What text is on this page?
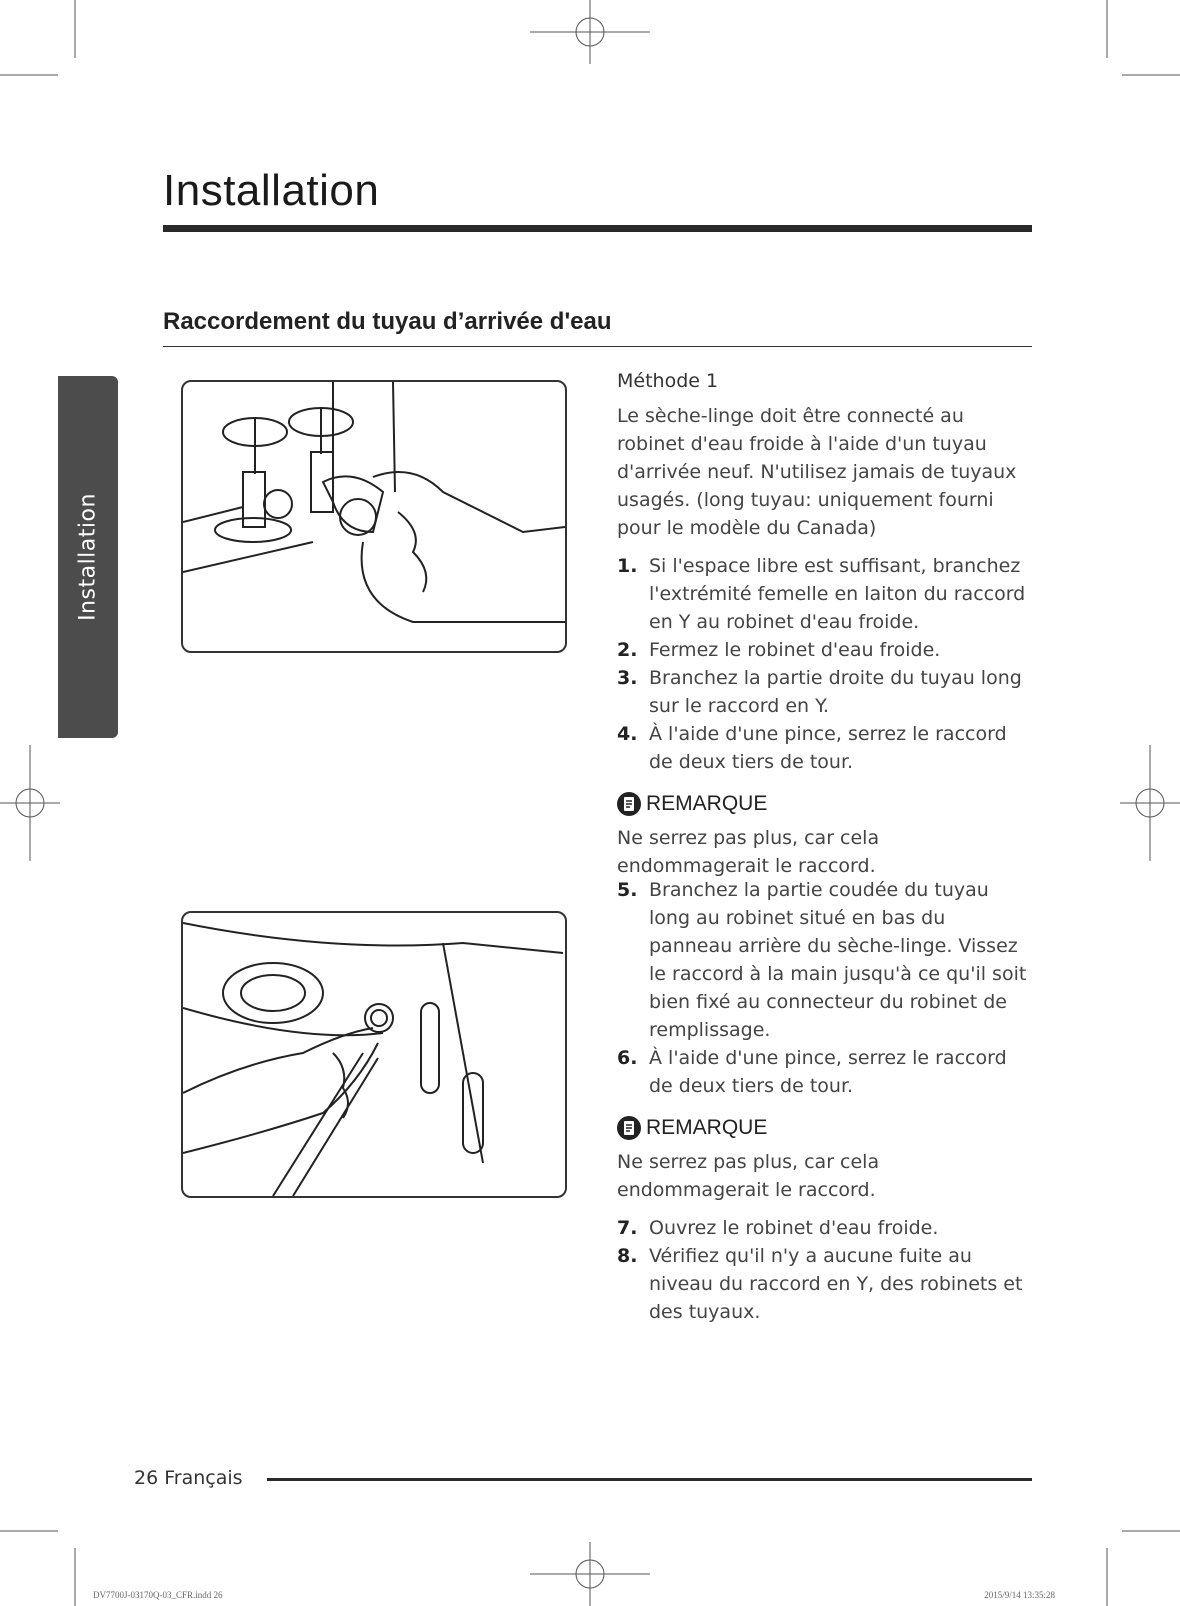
Installation
Raccordement du tuyau d’arrivée d'eau
Installation
Méthode 1
Le sèche-linge doit être connecté au robinet d'eau froide à l'aide d'un tuyau d'arrivée neuf. N'utilisez jamais de tuyaux usagés. (long tuyau: uniquement fourni pour le modèle du Canada)
1. Si l'espace libre est suffisant, branchez l'extrémité femelle en laiton du raccord en Y au robinet d'eau froide.
2. Fermez le robinet d'eau froide.
3. Branchez la partie droite du tuyau long sur le raccord en Y.
4. À l'aide d'une pince, serrez le raccord de deux tiers de tour.
REMARQUE
Ne serrez pas plus, car cela endommagerait le raccord.
5. Branchez la partie coudée du tuyau long au robinet situé en bas du panneau arrière du sèche-linge. Vissez le raccord à la main jusqu'à ce qu'il soit bien fixé au connecteur du robinet de remplissage.
6. À l'aide d'une pince, serrez le raccord de deux tiers de tour.
REMARQUE
Ne serrez pas plus, car cela endommagerait le raccord.
7. Ouvrez le robinet d'eau froide.
8. Vérifiez qu'il n'y a aucune fuite au niveau du raccord en Y, des robinets et des tuyaux.
26 Français
DV7700J-03170Q-03_CFR.indd 26	2015/9/14 13:35:28
